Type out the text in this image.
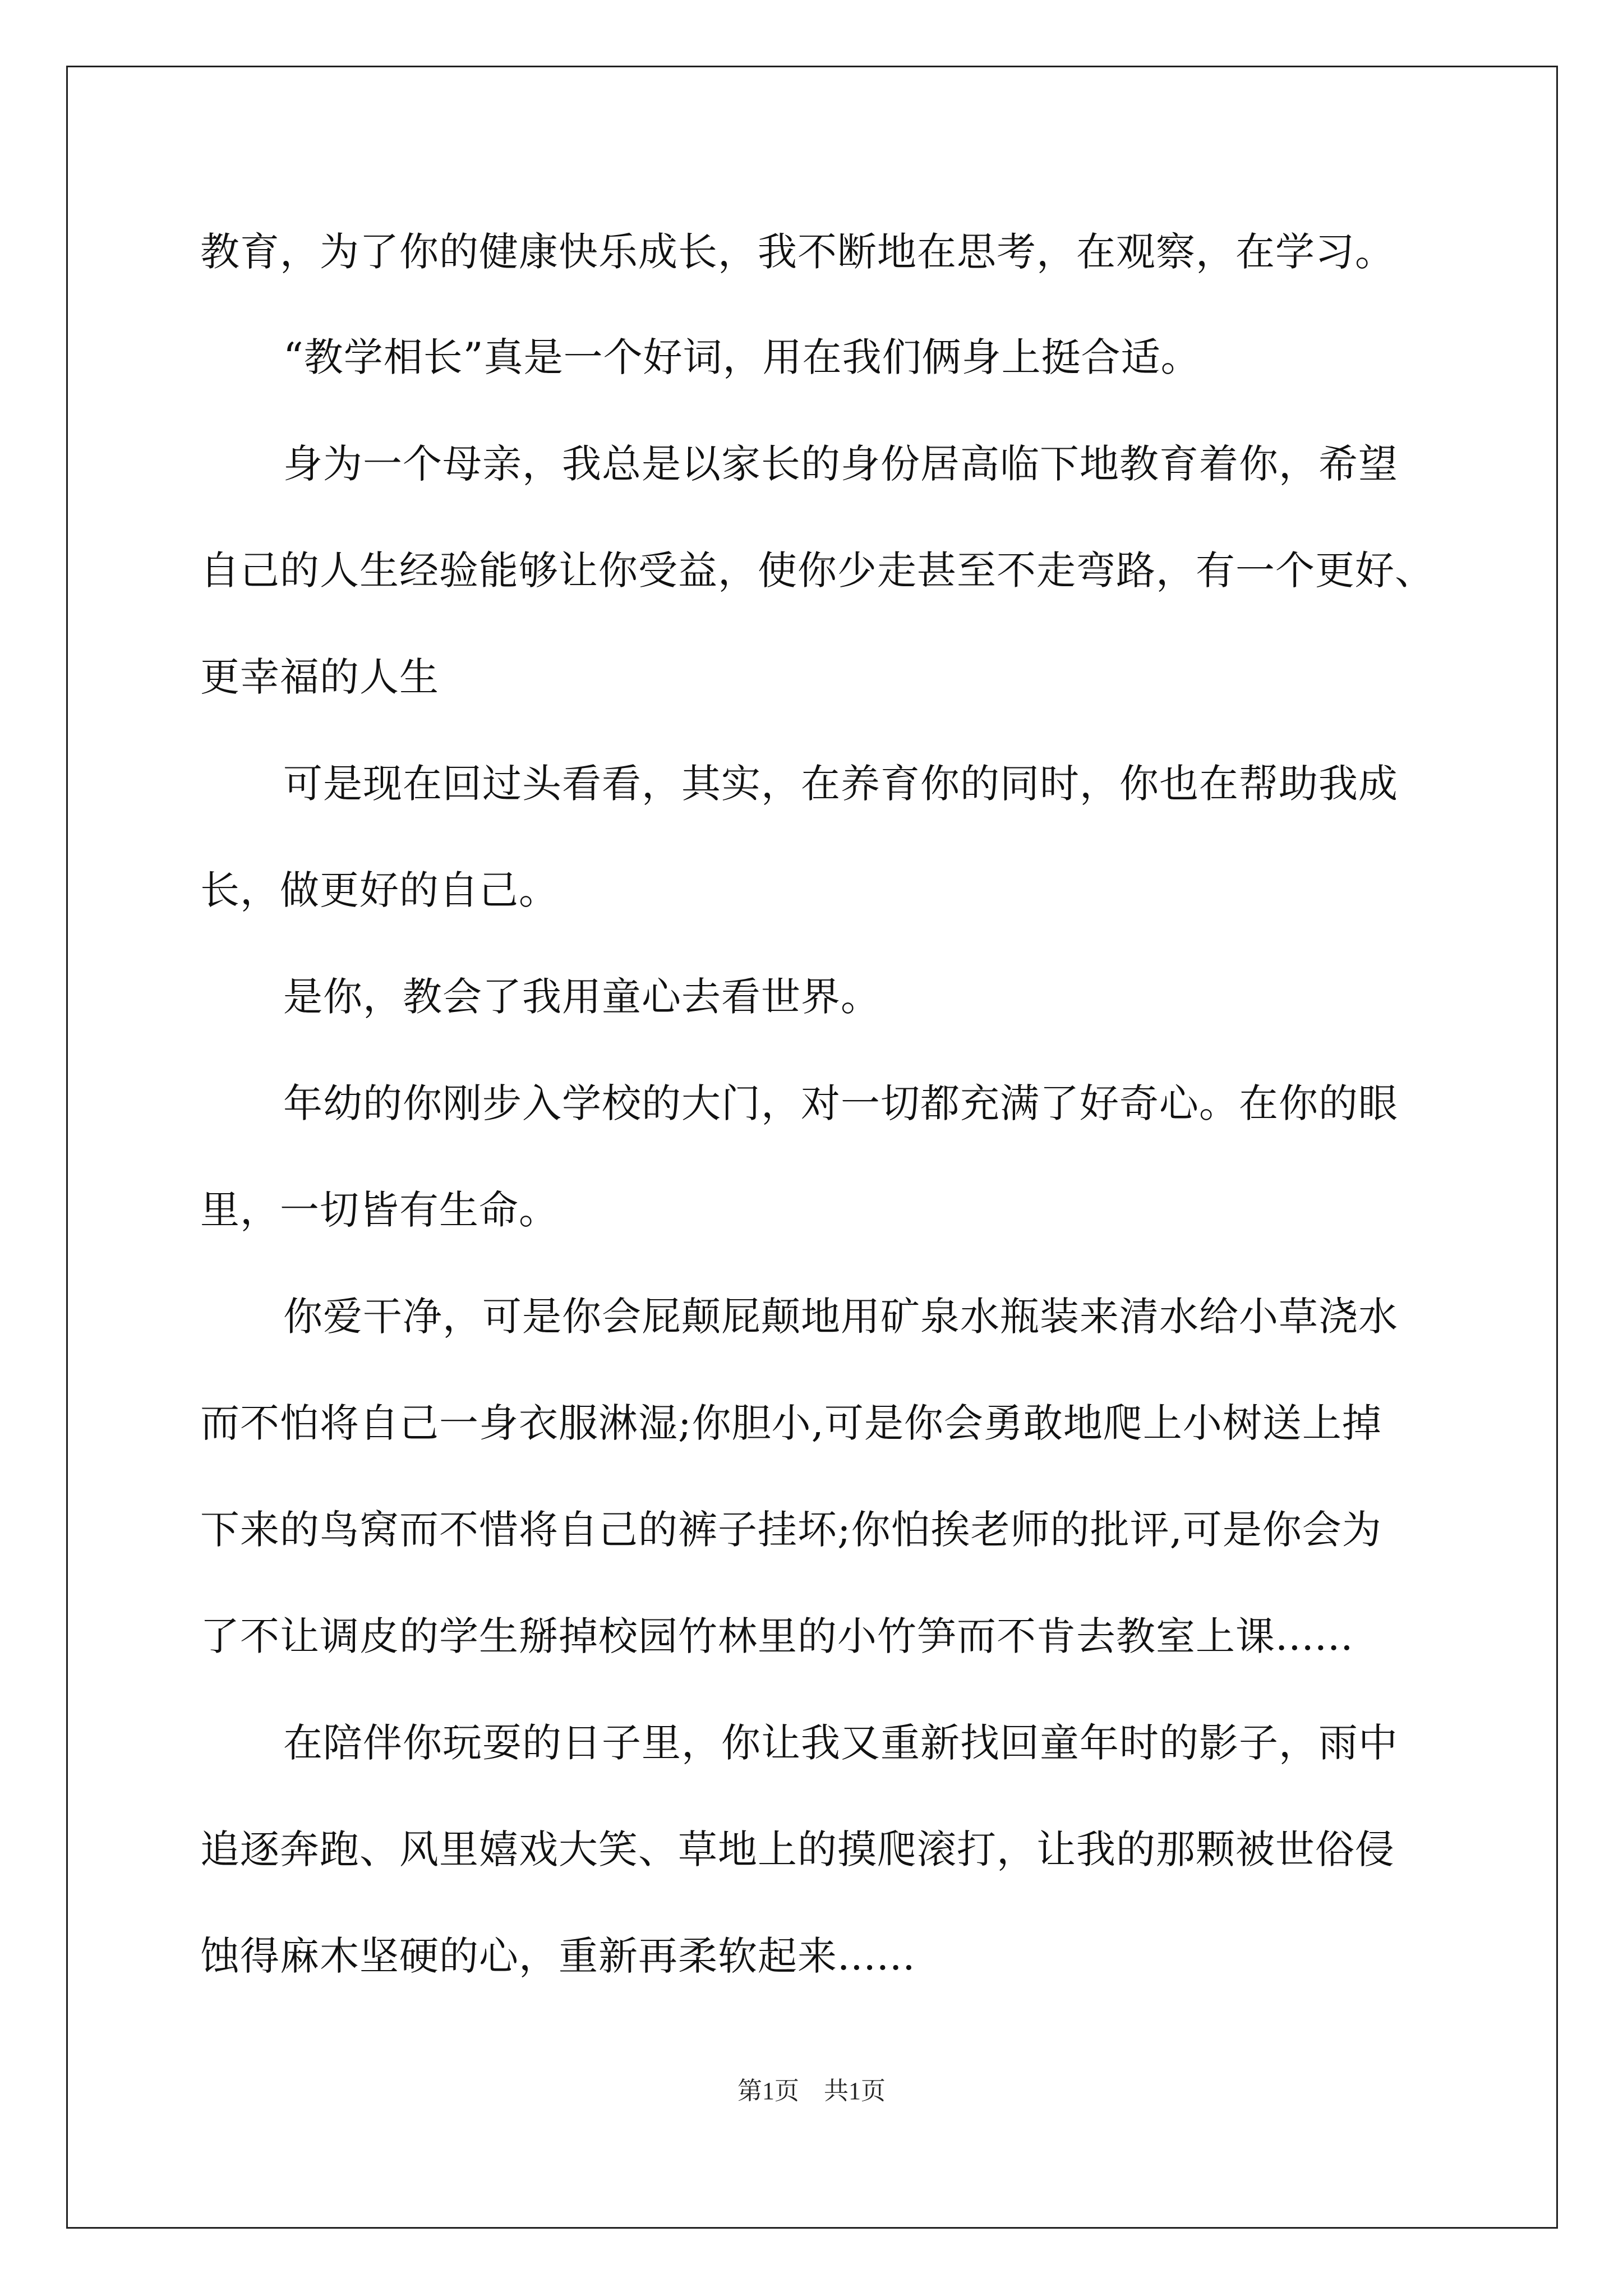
教育，为了你的健康快乐成长，我不断地在思考，在观察，在学习。
“教学相长”真是一个好词，用在我们俩身上挺合适。
身为一个母亲，我总是以家长的身份居高临下地教育着你，希望
自己的人生经验能够让你受益，使你少走甚至不走弯路，有一个更好、
更幸福的人生
可是现在回过头看看，其实，在养育你的同时，你也在帮助我成
长，做更好的自己。
是你，教会了我用童心去看世界。
年幼的你刚步入学校的大门，对一切都充满了好奇心。在你的眼
里，一切皆有生命。
你爱干净，可是你会屁颠屁颠地用矿泉水瓶装来清水给小草浇水
而不怕将自己一身衣服淋湿;你胆小,可是你会勇敢地爬上小树送上掉
下来的鸟窝而不惜将自己的裤子挂坏;你怕挨老师的批评,可是你会为
了不让调皮的学生掰掉校园竹林里的小竹笋而不肯去教室上课......
在陪伴你玩耍的日子里，你让我又重新找回童年时的影子，雨中
追逐奔跑、风里嬉戏大笑、草地上的摸爬滚打，让我的那颗被世俗侵
蚀得麻木坚硬的心，重新再柔软起来......
第1页　共1页
